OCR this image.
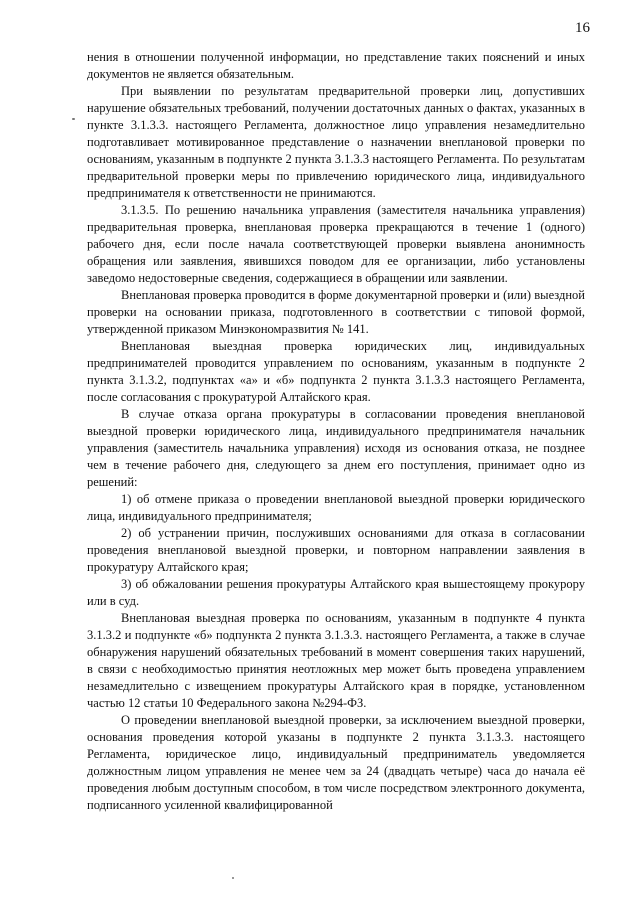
16

нения в отношении полученной информации, но представление таких пояснений и иных документов не является обязательным.

При выявлении по результатам предварительной проверки лиц, допустивших нарушение обязательных требований, получении достаточных данных о фактах, указанных в пункте 3.1.3.3. настоящего Регламента, должностное лицо управления незамедлительно подготавливает мотивированное представление о назначении внеплановой проверки по основаниям, указанным в подпункте 2 пункта 3.1.3.3 настоящего Регламента. По результатам предварительной проверки меры по привлечению юридического лица, индивидуального предпринимателя к ответственности не принимаются.

3.1.3.5. По решению начальника управления (заместителя начальника управления) предварительная проверка, внеплановая проверка прекращаются в течение 1 (одного) рабочего дня, если после начала соответствующей проверки выявлена анонимность обращения или заявления, явившихся поводом для ее организации, либо установлены заведомо недостоверные сведения, содержащиеся в обращении или заявлении.

Внеплановая проверка проводится в форме документарной проверки и (или) выездной проверки на основании приказа, подготовленного в соответствии с типовой формой, утвержденной приказом Минэкономразвития № 141.

Внеплановая выездная проверка юридических лиц, индивидуальных предпринимателей проводится управлением по основаниям, указанным в подпункте 2 пункта 3.1.3.2, подпунктах «а» и «б» подпункта 2 пункта 3.1.3.3 настоящего Регламента, после согласования с прокуратурой Алтайского края.

В случае отказа органа прокуратуры в согласовании проведения внеплановой выездной проверки юридического лица, индивидуального предпринимателя начальник управления (заместитель начальника управления) исходя из основания отказа, не позднее чем в течение рабочего дня, следующего за днем его поступления, принимает одно из решений:

1) об отмене приказа о проведении внеплановой выездной проверки юридического лица, индивидуального предпринимателя;

2) об устранении причин, послуживших основаниями для отказа в согласовании проведения внеплановой выездной проверки, и повторном направлении заявления в прокуратуру Алтайского края;

3) об обжаловании решения прокуратуры Алтайского края вышестоящему прокурору или в суд.

Внеплановая выездная проверка по основаниям, указанным в подпункте 4 пункта 3.1.3.2 и подпункте «б» подпункта 2 пункта 3.1.3.3. настоящего Регламента, а также в случае обнаружения нарушений обязательных требований в момент совершения таких нарушений, в связи с необходимостью принятия неотложных мер может быть проведена управлением незамедлительно с извещением прокуратуры Алтайского края в порядке, установленном частью 12 статьи 10 Федерального закона №294-ФЗ.

О проведении внеплановой выездной проверки, за исключением выездной проверки, основания проведения которой указаны в подпункте 2 пункта 3.1.3.3. настоящего Регламента, юридическое лицо, индивидуальный предприниматель уведомляется должностным лицом управления не менее чем за 24 (двадцать четыре) часа до начала её проведения любым доступным способом, в том числе посредством электронного документа, подписанного усиленной квалифицированной
